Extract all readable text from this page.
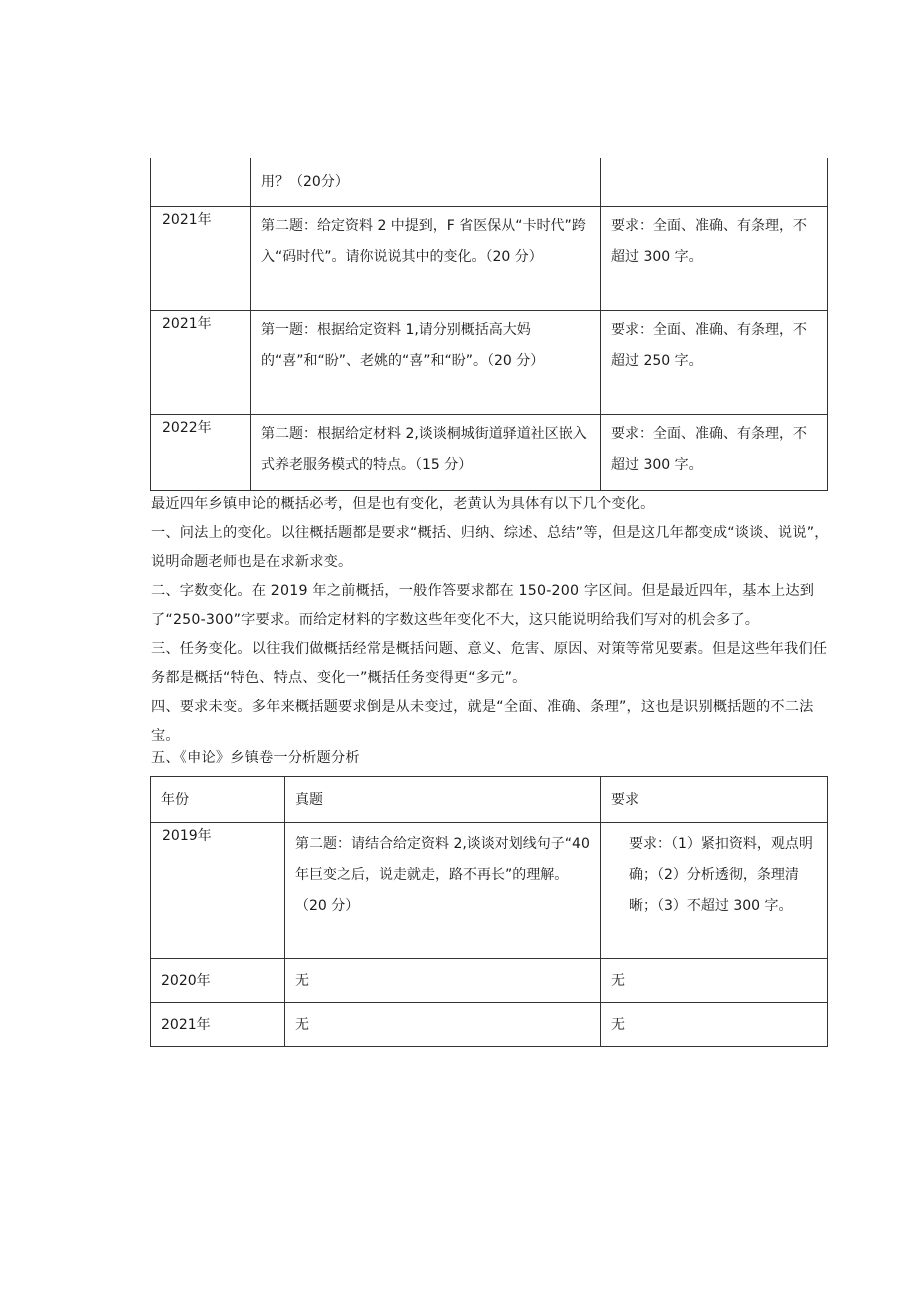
	用？（20分）	

2021年	第二题：给定资料 2 中提到，F 省医保从“卡时代”跨入“码时代”。请你说说其中的变化。（20 分）	要求：全面、准确、有条理，不超过 300 字。

2021年	第一题：根据给定资料 1,请分别概括高大妈的“喜”和“盼”、老姚的“喜”和“盼”。（20 分）	要求：全面、准确、有条理，不超过 250 字。

2022年	第二题：根据给定材料 2,谈谈桐城街道驿道社区嵌入式养老服务模式的特点。（15 分）	要求：全面、准确、有条理，不超过 300 字。
最近四年乡镇申论的概括必考，但是也有变化，老黄认为具体有以下几个变化。
一、问法上的变化。以往概括题都是要求“概括、归纳、综述、总结”等，但是这几年都变成“谈谈、说说”，说明命题老师也是在求新求变。
二、字数变化。在 2019 年之前概括，一般作答要求都在 150-200 字区间。但是最近四年，基本上达到了“250-300”字要求。而给定材料的字数这些年变化不大，这只能说明给我们写对的机会多了。
三、任务变化。以往我们做概括经常是概括问题、意义、危害、原因、对策等常见要素。但是这些年我们任务都是概括“特色、特点、变化一”概括任务变得更“多元”。
四、要求未变。多年来概括题要求倒是从未变过，就是“全面、准确、条理”，这也是识别概括题的不二法宝。
五、《申论》乡镇卷一分析题分析
年份	真题	要求

2019年	第二题：请结合给定资料 2,谈谈对划线句子“40 年巨变之后，说走就走，路不再长”的理解。（20 分）	要求：（1）紧扣资料，观点明确；（2）分析透彻，条理清晰；（3）不超过 300 字。

2020年	无	无

2021年	无	无
